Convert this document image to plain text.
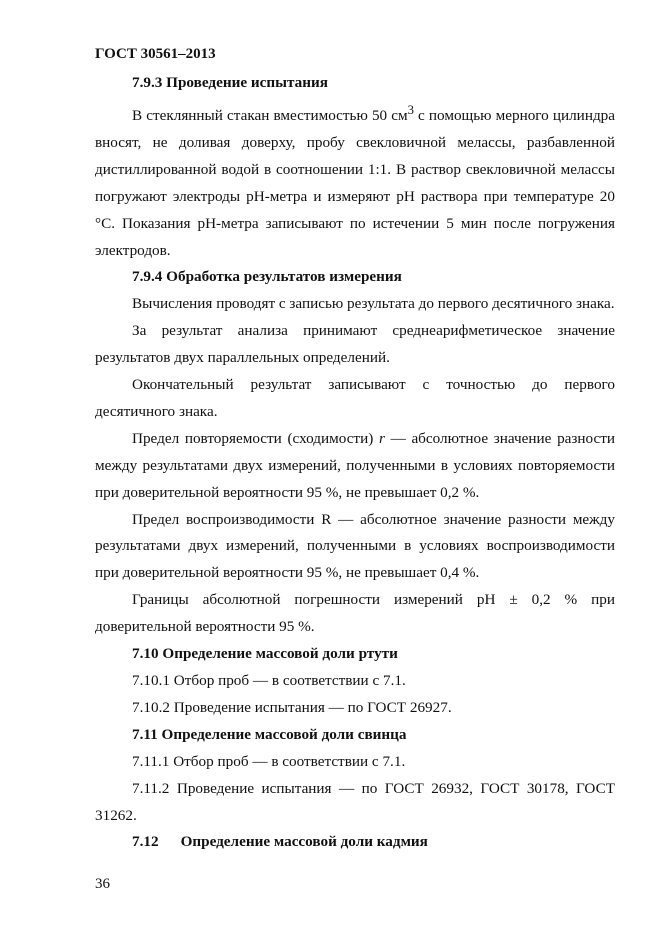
ГОСТ 30561–2013

7.9.3 Проведение испытания

В стеклянный стакан вместимостью 50 $см^3$ с помощью мерного цилиндра вносят, не доливая доверху, пробу свекловичной мелассы, разбавленной дистиллированной водой в соотношении 1:1. В раствор свекловичной мелассы погружают электроды рН-метра и измеряют рН раствора при температуре 20 °С. Показания рН-метра записывают по истечении 5 мин после погружения электродов.

7.9.4 Обработка результатов измерения

Вычисления проводят с записью результата до первого десятичного знака.

За результат анализа принимают среднеарифметическое значение результатов двух параллельных определений.

Окончательный результат записывают с точностью до первого десятичного знака.

Предел повторяемости (сходимости) r — абсолютное значение разности между результатами двух измерений, полученными в условиях повторяемости при доверительной вероятности 95 %, не превышает 0,2 %.

Предел воспроизводимости R — абсолютное значение разности между результатами двух измерений, полученными в условиях воспроизводимости при доверительной вероятности 95 %, не превышает 0,4 %.

Границы абсолютной погрешности измерений рН ± 0,2 % при доверительной вероятности 95 %.

7.10 Определение массовой доли ртути

7.10.1 Отбор проб — в соответствии с 7.1.

7.10.2 Проведение испытания — по ГОСТ 26927.

7.11 Определение массовой доли свинца

7.11.1 Отбор проб — в соответствии с 7.1.

7.11.2 Проведение испытания — по ГОСТ 26932, ГОСТ 30178, ГОСТ 31262.

7.12 Определение массовой доли кадмия

36
